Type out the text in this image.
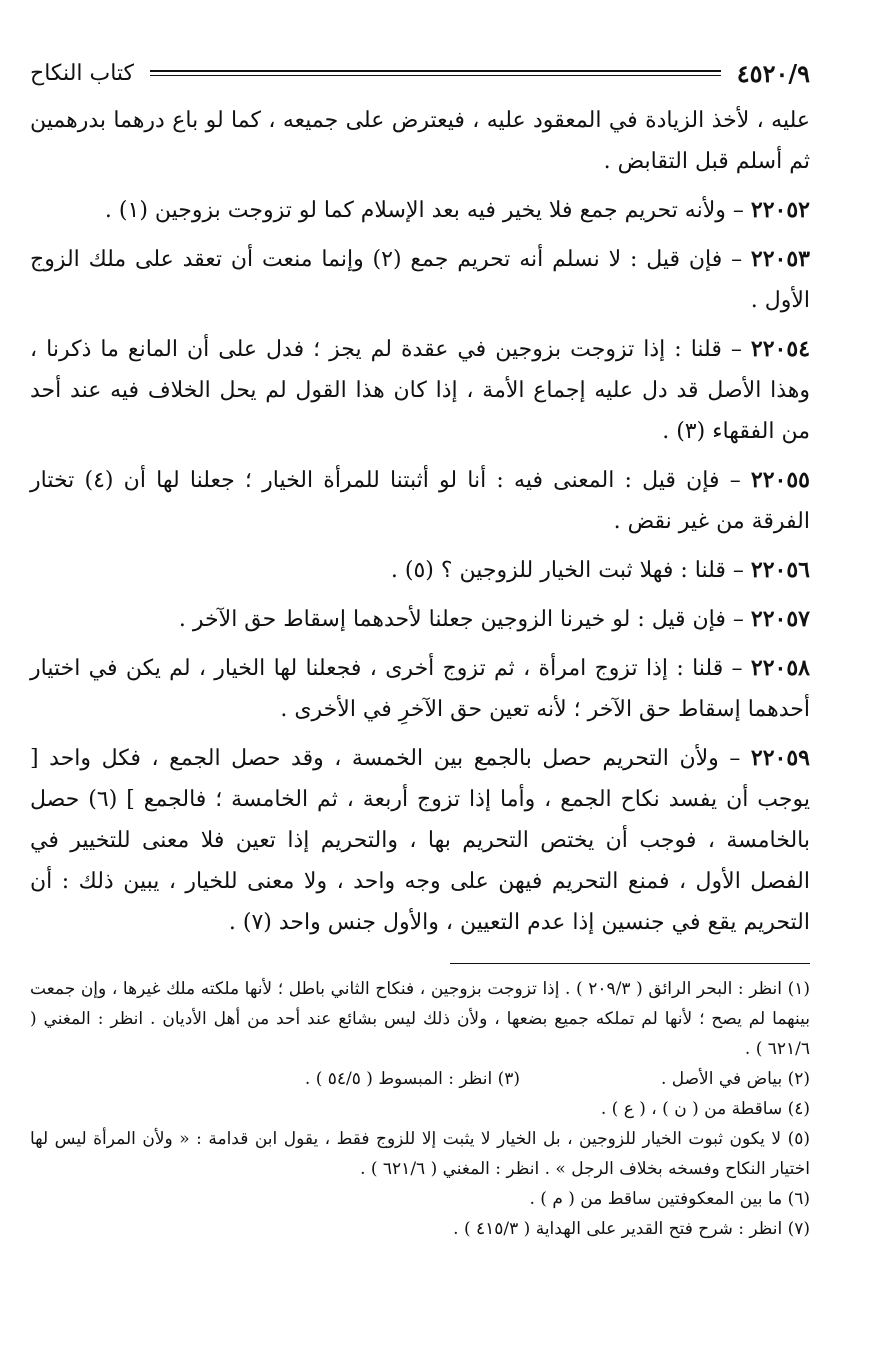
٤٥٢٠/٩
كتاب النكاح

عليه ، لأخذ الزيادة في المعقود عليه ، فيعترض على جميعه ، كما لو باع درهما بدرهمين ثم أسلم قبل التقابض .

٢٢٠٥٢ – ولأنه تحريم جمع فلا يخير فيه بعد الإسلام كما لو تزوجت بزوجين (١) .

٢٢٠٥٣ – فإن قيل : لا نسلم أنه تحريم جمع (٢) وإنما منعت أن تعقد على ملك الزوج الأول .

٢٢٠٥٤ – قلنا : إذا تزوجت بزوجين في عقدة لم يجز ؛ فدل على أن المانع ما ذكرنا ، وهذا الأصل قد دل عليه إجماع الأمة ، إذا كان هذا القول لم يحل الخلاف فيه عند أحد من الفقهاء (٣) .

٢٢٠٥٥ – فإن قيل : المعنى فيه : أنا لو أثبتنا للمرأة الخيار ؛ جعلنا لها أن (٤) تختار الفرقة من غير نقض .

٢٢٠٥٦ – قلنا : فهلا ثبت الخيار للزوجين ؟ (٥) .

٢٢٠٥٧ – فإن قيل : لو خيرنا الزوجين جعلنا لأحدهما إسقاط حق الآخر .

٢٢٠٥٨ – قلنا : إذا تزوج امرأة ، ثم تزوج أخرى ، فجعلنا لها الخيار ، لم يكن في اختيار أحدهما إسقاط حق الآخر ؛ لأنه تعين حق الآخرِ في الأخرى .

٢٢٠٥٩ – ولأن التحريم حصل بالجمع بين الخمسة ، وقد حصل الجمع ، فكل واحد [ يوجب أن يفسد نكاح الجمع ، وأما إذا تزوج أربعة ، ثم الخامسة ؛ فالجمع ] (٦) حصل بالخامسة ، فوجب أن يختص التحريم بها ، والتحريم إذا تعين فلا معنى للتخيير في الفصل الأول ، فمنع التحريم فيهن على وجه واحد ، ولا معنى للخيار ، يبين ذلك : أن التحريم يقع في جنسين إذا عدم التعيين ، والأول جنس واحد (٧) .

(١) انظر : البحر الرائق ( ٢٠٩/٣ ) . إذا تزوجت بزوجين ، فنكاح الثاني باطل ؛ لأنها ملكته ملك غيرها ، وإن جمعت بينهما لم يصح ؛ لأنها لم تملكه جميع بضعها ، ولأن ذلك ليس بشائع عند أحد من أهل الأديان . انظر : المغني ( ٦٢١/٦ ) .

(٢) بياض في الأصل .

(٣) انظر : المبسوط ( ٥٤/٥ ) .

(٤) ساقطة من ( ن ) ، ( ع ) .

(٥) لا يكون ثبوت الخيار للزوجين ، بل الخيار لا يثبت إلا للزوج فقط ، يقول ابن قدامة : « ولأن المرأة ليس لها اختيار النكاح وفسخه بخلاف الرجل » . انظر : المغني ( ٦٢١/٦ ) .

(٦) ما بين المعكوفتين ساقط من ( م ) .

(٧) انظر : شرح فتح القدير على الهداية ( ٤١٥/٣ ) .
